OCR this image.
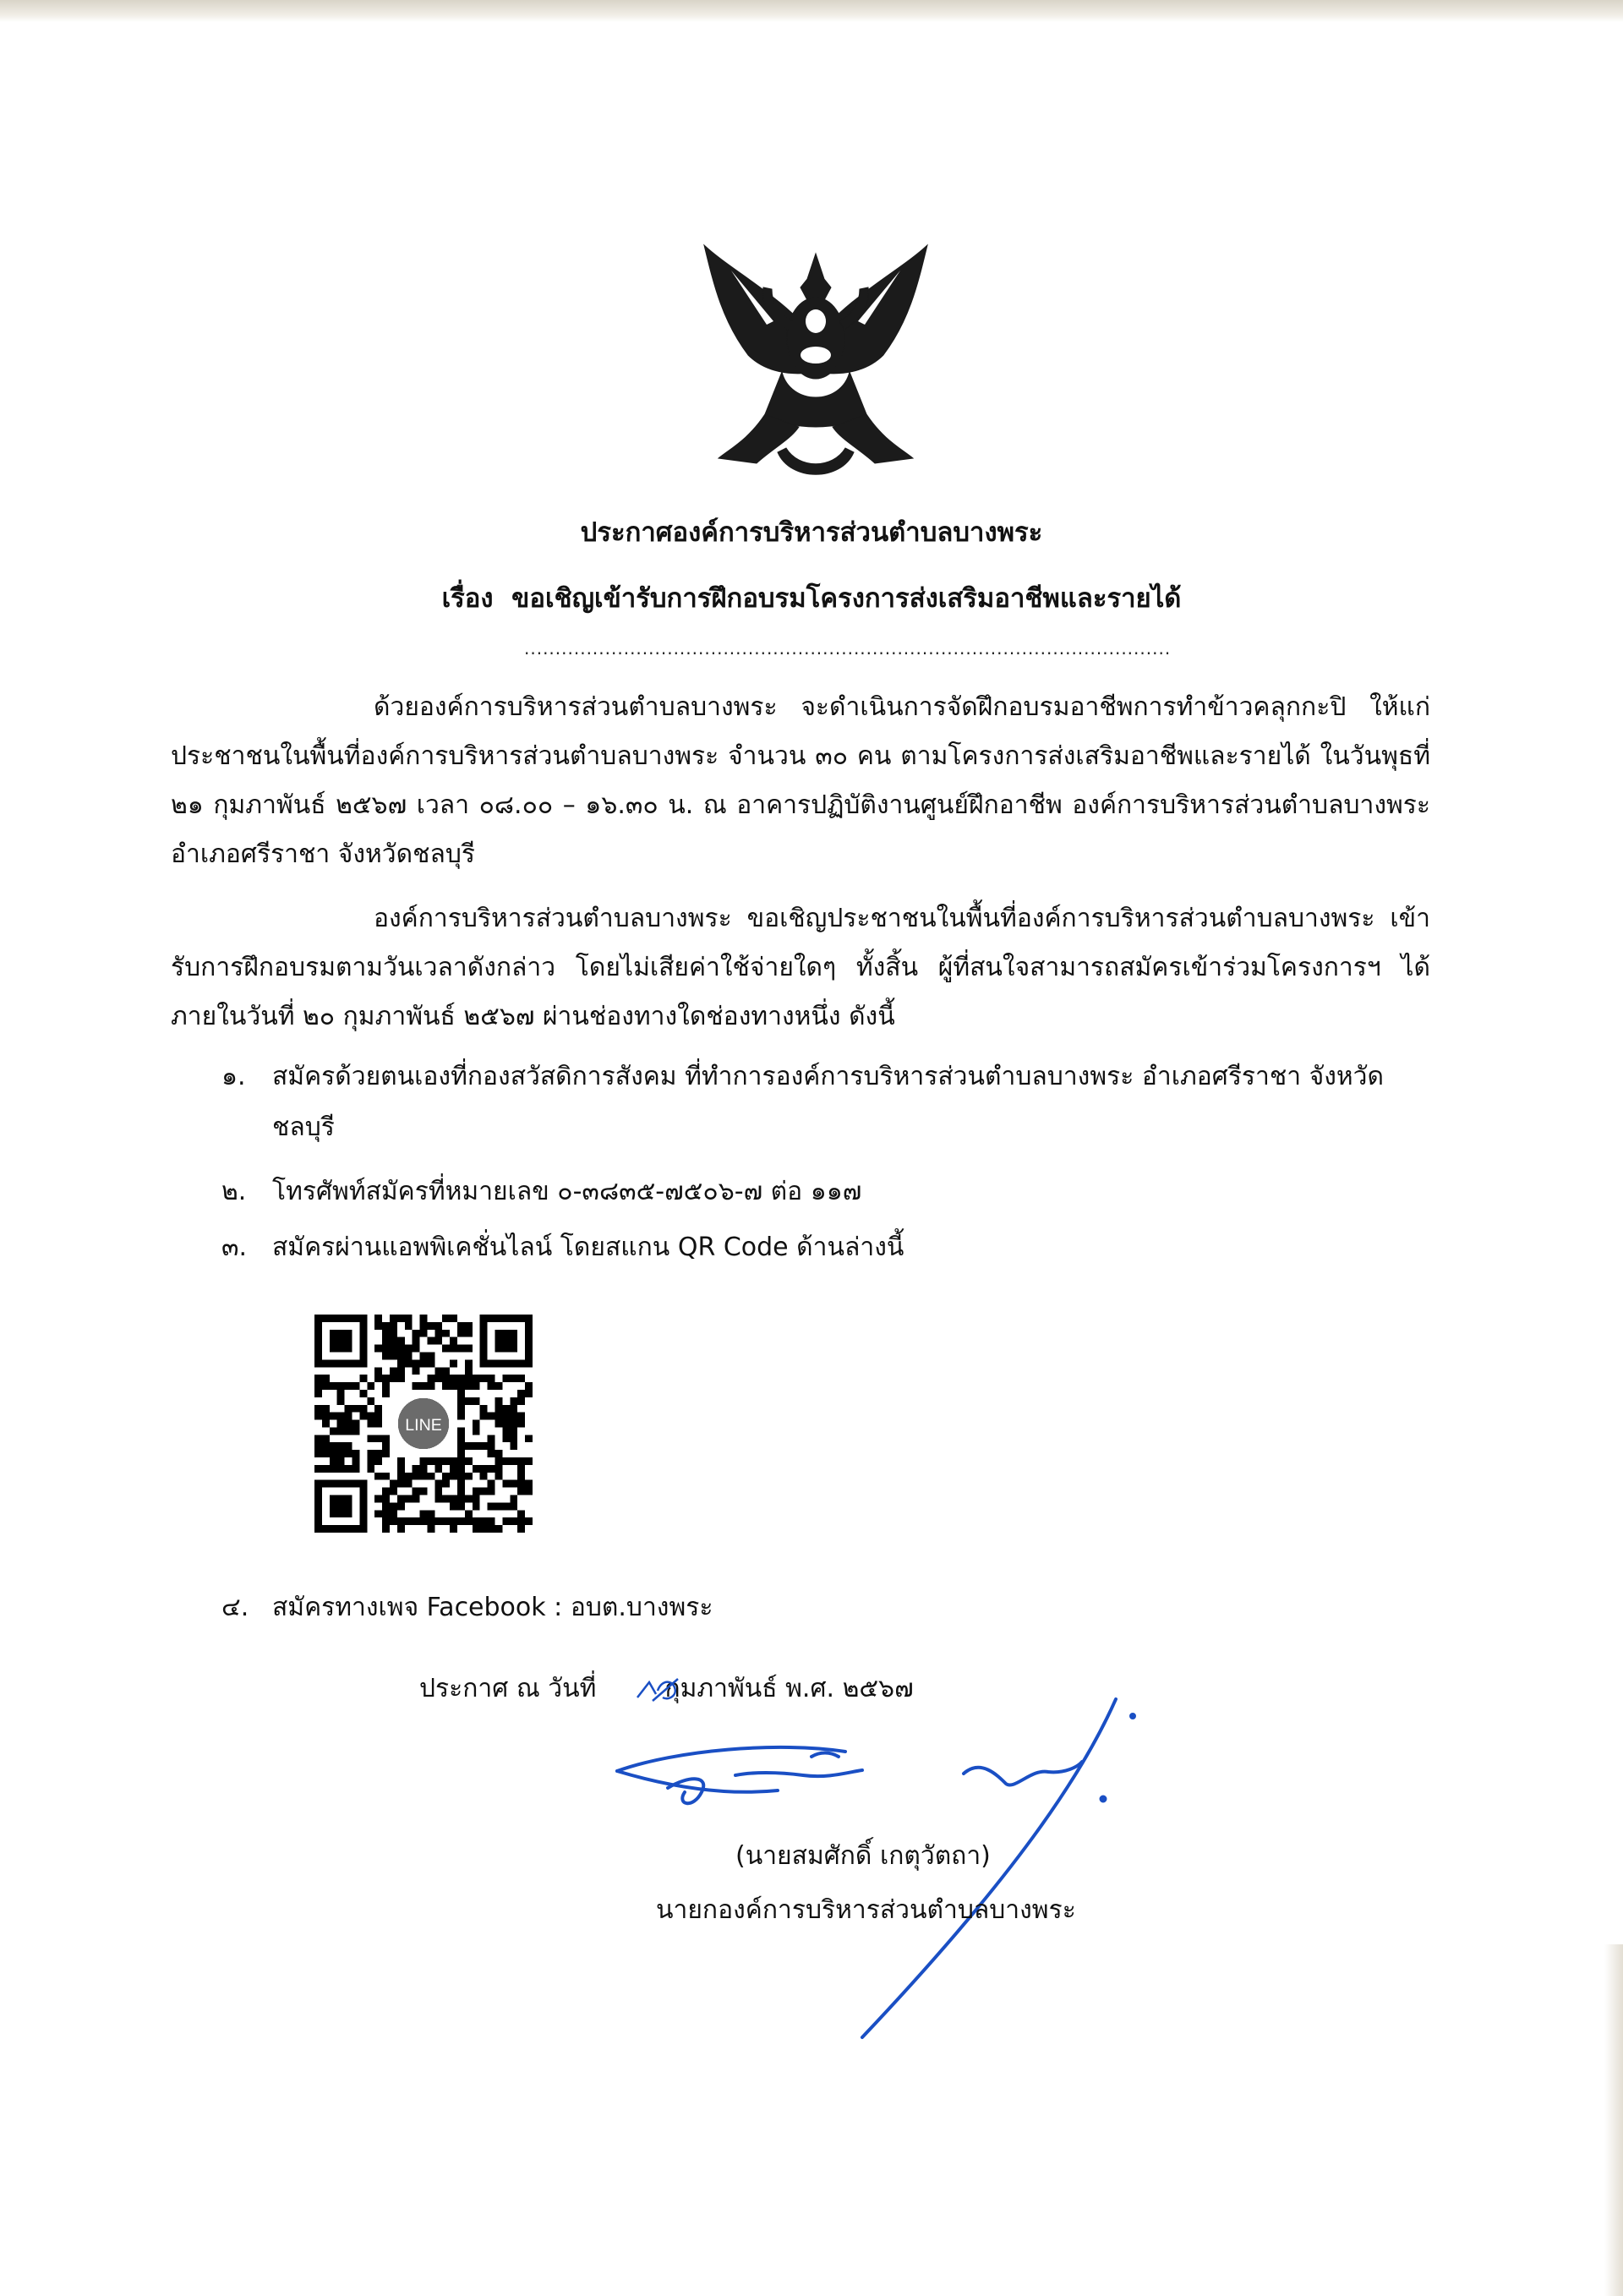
ประกาศองค์การบริหารส่วนตำบลบางพระ
เรื่อง ขอเชิญเข้ารับการฝึกอบรมโครงการส่งเสริมอาชีพและรายได้
........................................................................................................

ด้วยองค์การบริหารส่วนตำบลบางพระ จะดำเนินการจัดฝึกอบรมอาชีพการทำข้าวคลุกกะปิ ให้แก่ประชาชนในพื้นที่องค์การบริหารส่วนตำบลบางพระ จำนวน ๓๐ คน ตามโครงการส่งเสริมอาชีพและรายได้ ในวันพุธที่ ๒๑ กุมภาพันธ์ ๒๕๖๗ เวลา ๐๘.๐๐ – ๑๖.๓๐ น. ณ อาคารปฏิบัติงานศูนย์ฝึกอาชีพ องค์การบริหารส่วนตำบลบางพระ อำเภอศรีราชา จังหวัดชลบุรี

องค์การบริหารส่วนตำบลบางพระ ขอเชิญประชาชนในพื้นที่องค์การบริหารส่วนตำบลบางพระ เข้ารับการฝึกอบรมตามวันเวลาดังกล่าว โดยไม่เสียค่าใช้จ่ายใดๆ ทั้งสิ้น ผู้ที่สนใจสามารถสมัครเข้าร่วมโครงการฯ ได้ภายในวันที่ ๒๐ กุมภาพันธ์ ๒๕๖๗ ผ่านช่องทางใดช่องทางหนึ่ง ดังนี้

๑. สมัครด้วยตนเองที่กองสวัสดิการสังคม ที่ทำการองค์การบริหารส่วนตำบลบางพระ อำเภอศรีราชา จังหวัดชลบุรี
๒. โทรศัพท์สมัครที่หมายเลข ๐-๓๘๓๕-๗๕๐๖-๗ ต่อ ๑๑๗
๓. สมัครผ่านแอพพิเคชั่นไลน์ โดยสแกน QR Code ด้านล่างนี้
LINE
๔. สมัครทางเพจ Facebook : อบต.บางพระ

ประกาศ ณ วันที่	กุมภาพันธ์ พ.ศ. ๒๕๖๗

(นายสมศักดิ์ เกตุวัตถา)

นายกองค์การบริหารส่วนตำบลบางพระ
